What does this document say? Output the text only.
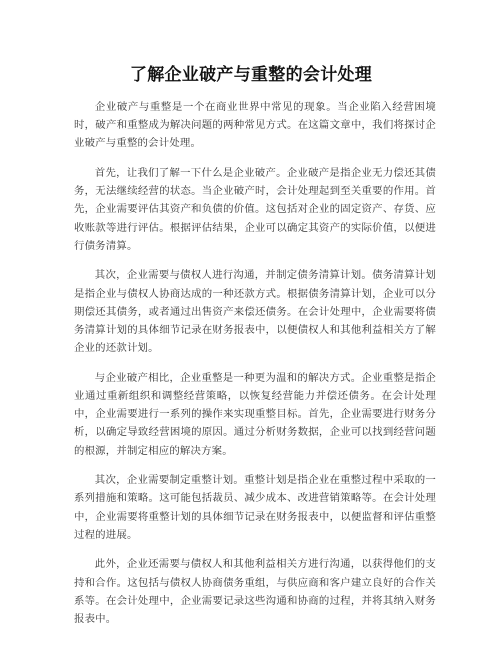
了解企业破产与重整的会计处理

企业破产与重整是一个在商业世界中常见的现象。当企业陷入经营困境时，破产和重整成为解决问题的两种常见方式。在这篇文章中，我们将探讨企业破产与重整的会计处理。

首先，让我们了解一下什么是企业破产。企业破产是指企业无力偿还其债务，无法继续经营的状态。当企业破产时，会计处理起到至关重要的作用。首先，企业需要评估其资产和负债的价值。这包括对企业的固定资产、存货、应收账款等进行评估。根据评估结果，企业可以确定其资产的实际价值，以便进行债务清算。

其次，企业需要与债权人进行沟通，并制定债务清算计划。债务清算计划是指企业与债权人协商达成的一种还款方式。根据债务清算计划，企业可以分期偿还其债务，或者通过出售资产来偿还债务。在会计处理中，企业需要将债务清算计划的具体细节记录在财务报表中，以便债权人和其他利益相关方了解企业的还款计划。

与企业破产相比，企业重整是一种更为温和的解决方式。企业重整是指企业通过重新组织和调整经营策略，以恢复经营能力并偿还债务。在会计处理中，企业需要进行一系列的操作来实现重整目标。首先，企业需要进行财务分析，以确定导致经营困境的原因。通过分析财务数据，企业可以找到经营问题的根源，并制定相应的解决方案。

其次，企业需要制定重整计划。重整计划是指企业在重整过程中采取的一系列措施和策略。这可能包括裁员、减少成本、改进营销策略等。在会计处理中，企业需要将重整计划的具体细节记录在财务报表中，以便监督和评估重整过程的进展。

此外，企业还需要与债权人和其他利益相关方进行沟通，以获得他们的支持和合作。这包括与债权人协商债务重组，与供应商和客户建立良好的合作关系等。在会计处理中，企业需要记录这些沟通和协商的过程，并将其纳入财务报表中。
